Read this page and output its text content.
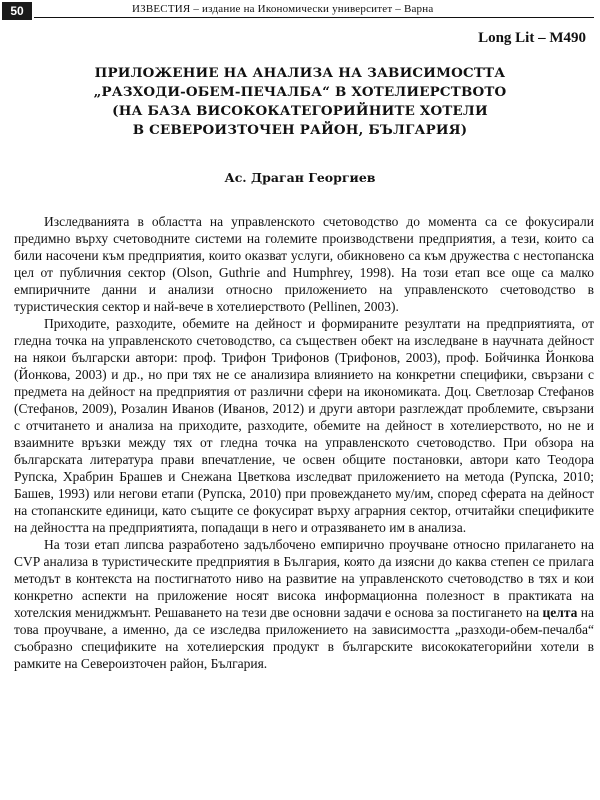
50	ИЗВЕСТИЯ – издание на Икономически университет – Варна
Long Lit – M490
ПРИЛОЖЕНИЕ НА АНАЛИЗА НА ЗАВИСИМОСТТА
„РАЗХОДИ-ОБЕМ-ПЕЧАЛБА“ В ХОТЕЛИЕРСТВОТО
(НА БАЗА ВИСОКОКАТЕГОРИЙНИТЕ ХОТЕЛИ
В СЕВЕРОИЗТОЧЕН РАЙОН, БЪЛГАРИЯ)
Ас. Драган Георгиев

Изследванията в областта на управленското счетоводство до момента са се фокусирали предимно върху счетоводните системи на големите производствени предприятия, а тези, които са били насочени към предприятия, които оказват услуги, обикновено са към дружества с нестопанска цел от публичния сектор (Olson, Guthrie and Humphrey, 1998). На този етап все още са малко емпиричните данни и анализи относно приложението на управленското счетоводство в туристическия сектор и най-вече в хотелиерството (Pellinen, 2003).

Приходите, разходите, обемите на дейност и формираните резултати на предприятията, от гледна точка на управленското счетоводство, са съществен обект на изследване в научната дейност на някои български автори: проф. Трифон Трифонов (Трифонов, 2003), проф. Бойчинка Йонкова (Йонкова, 2003) и др., но при тях не се анализира влиянието на конкретни специфики, свързани с предмета на дейност на предприятия от различни сфери на икономиката. Доц. Светлозар Стефанов (Стефанов, 2009), Розалин Иванов (Иванов, 2012) и други автори разглеждат проблемите, свързани с отчитането и анализа на приходите, разходите, обемите на дейност в хотелиерството, но не и взаимните връзки между тях от гледна точка на управленското счетоводство. При обзора на българската литература прави впечатление, че освен общите постановки, автори като Теодора Рупска, Храбрин Брашев и Снежана Цветкова изследват приложението на метода (Рупска, 2010; Башев, 1993) или негови етапи (Рупска, 2010) при провеждането му/им, според сферата на дейност на стопанските единици, като същите се фокусират върху аграрния сектор, отчитайки спецификите на дейността на предприятията, попадащи в него и отразяването им в анализа.

На този етап липсва разработено задълбочено емпирично проучване относно прилагането на CVP анализа в туристическите предприятия в България, която да изясни до каква степен се прилага методът в контекста на постигнатото ниво на развитие на управленското счетоводство в тях и кои конкретно аспекти на приложение носят висока информационна полезност в практиката на хотелския мениджмънт. Решаването на тези две основни задачи е основа за постигането на целта на това проучване, а именно, да се изследва приложението на зависимостта „разходи-обем-печалба“ съобразно спецификите на хотелиерския продукт в българските висококатегорийни хотели в рамките на Североизточен район, България.
